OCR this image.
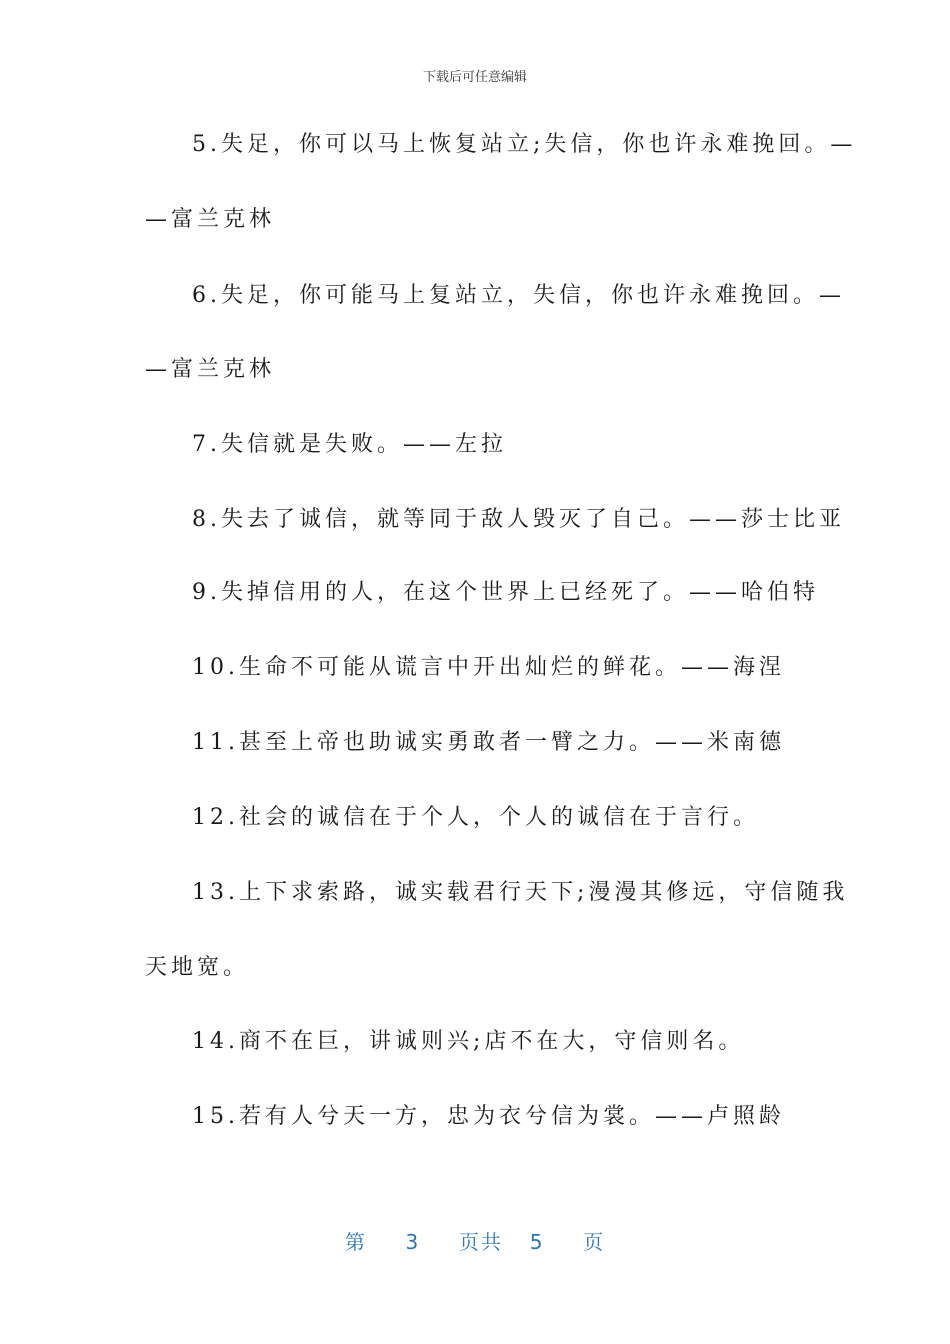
下载后可任意编辑
5.失足，你可以马上恢复站立;失信，你也许永难挽回。—
—富兰克林
6.失足，你可能马上复站立，失信，你也许永难挽回。—
—富兰克林
7.失信就是失败。——左拉
8.失去了诚信，就等同于敌人毁灭了自己。——莎士比亚
9.失掉信用的人，在这个世界上已经死了。——哈伯特
10.生命不可能从谎言中开出灿烂的鲜花。——海涅
11.甚至上帝也助诚实勇敢者一臂之力。——米南德
12.社会的诚信在于个人，个人的诚信在于言行。
13.上下求索路，诚实载君行天下;漫漫其修远，守信随我
天地宽。
14.商不在巨，讲诚则兴;店不在大，守信则名。
15.若有人兮天一方，忠为衣兮信为裳。——卢照龄
第 3 页共 5 页
